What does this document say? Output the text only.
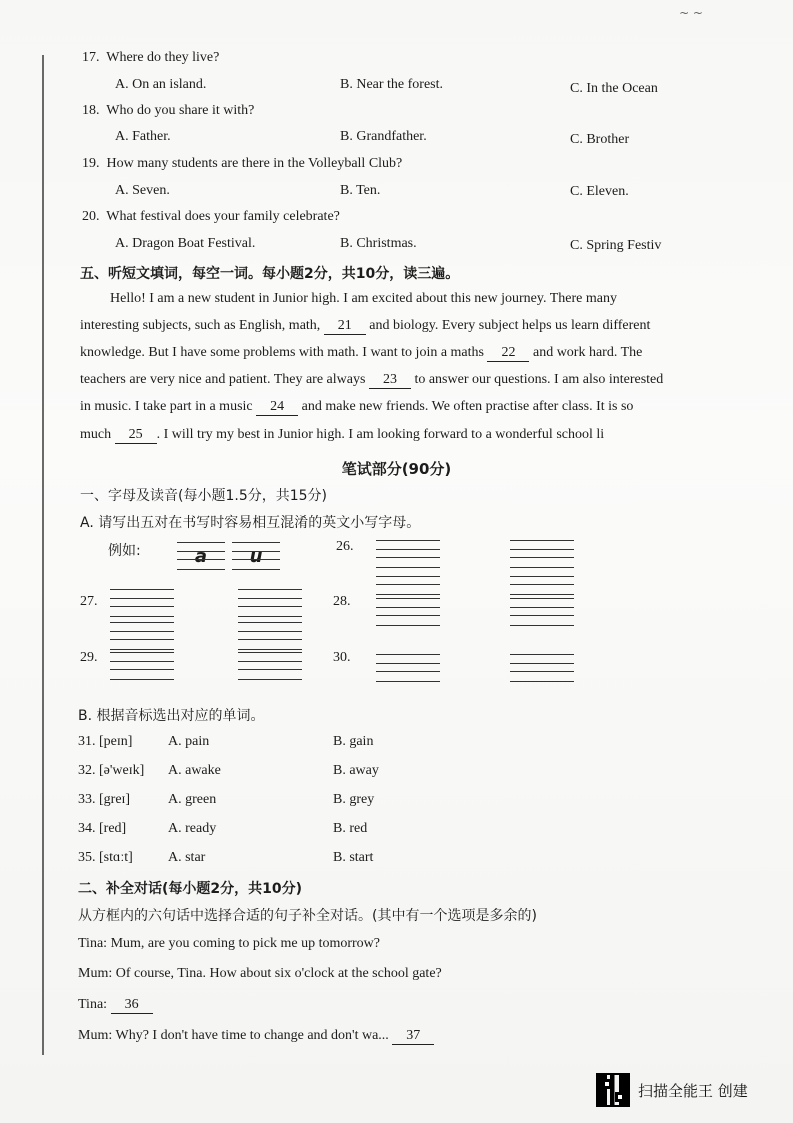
~ ~
17. Where do they live?
A. On an island.	B. Near the forest.	C. In the Ocean
18. Who do you share it with?
A. Father.	B. Grandfather.	C. Brother
19. How many students are there in the Volleyball Club?
A. Seven.	B. Ten.	C. Eleven.
20. What festival does your family celebrate?
A. Dragon Boat Festival.	B. Christmas.	C. Spring Festiv
五、听短文填词，每空一词。每小题2分，共10分，读三遍。
Hello! I am a new student in Junior high. I am excited about this new journey. There many
interesting subjects, such as English, math, 21 and biology. Every subject helps us learn different
knowledge. But I have some problems with math. I want to join a maths 22 and work hard. The
teachers are very nice and patient. They are always 23 to answer our questions. I am also interested
in music. I take part in a music 24 and make new friends. We often practise after class. It is so
much 25 . I will try my best in Junior high. I am looking forward to a wonderful school li
笔试部分(90分)
一、字母及读音(每小题1.5分，共15分)
A. 请写出五对在书写时容易相互混淆的英文小写字母。
例如:	a	u	26.
27.	28.
29.	30.
B. 根据音标选出对应的单词。
31. [peɪn]	A. pain	B. gain
32. [ə'weɪk] A. awake	B. away
33. [greɪ]	A. green	B. grey
34. [red]	A. ready	B. red
35. [stɑːt]	A. star	B. start
二、补全对话(每小题2分，共10分)
从方框内的六句话中选择合适的句子补全对话。(其中有一个选项是多余的)
Tina: Mum, are you coming to pick me up tomorrow?
Mum: Of course, Tina. How about six o'clock at the school gate?
Tina: 36
Mum: Why? I don't have time to change and don't wa... 37
扫描全能王 创建
